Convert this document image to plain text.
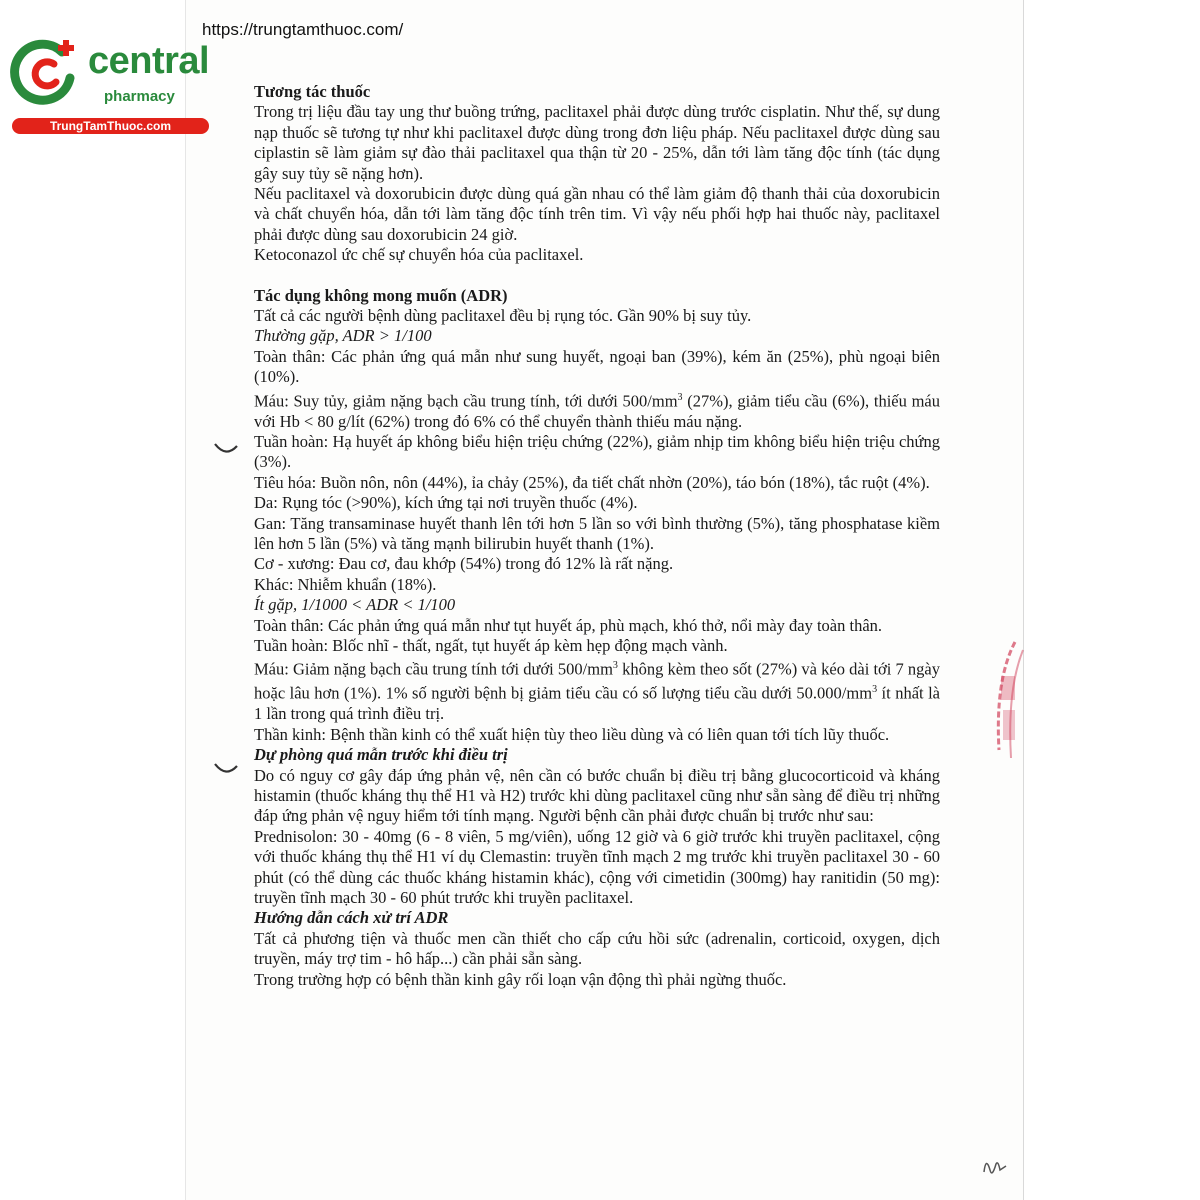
https://trungtamthuoc.com/
central
pharmacy
TrungTamThuoc.com

Tương tác thuốc

Trong trị liệu đầu tay ung thư buồng trứng, paclitaxel phải được dùng trước cisplatin. Như thế, sự dung nạp thuốc sẽ tương tự như khi paclitaxel được dùng trong đơn liệu pháp. Nếu paclitaxel được dùng sau ciplastin sẽ làm giảm sự đào thải paclitaxel qua thận từ 20 - 25%, dẫn tới làm tăng độc tính (tác dụng gây suy tủy sẽ nặng hơn).

Nếu paclitaxel và doxorubicin được dùng quá gần nhau có thể làm giảm độ thanh thải của doxorubicin và chất chuyển hóa, dẫn tới làm tăng độc tính trên tim. Vì vậy nếu phối hợp hai thuốc này, paclitaxel phải được dùng sau doxorubicin 24 giờ.

Ketoconazol ức chế sự chuyển hóa của paclitaxel.

Tác dụng không mong muốn (ADR)

Tất cả các người bệnh dùng paclitaxel đều bị rụng tóc. Gần 90% bị suy tủy.

Thường gặp, ADR > 1/100

Toàn thân: Các phản ứng quá mẫn như sung huyết, ngoại ban (39%), kém ăn (25%), phù ngoại biên (10%).

Máu: Suy tủy, giảm nặng bạch cầu trung tính, tới dưới $500/mm^3$ (27%), giảm tiểu cầu (6%), thiếu máu với Hb < 80 g/lít (62%) trong đó 6% có thể chuyển thành thiếu máu nặng.

Tuần hoàn: Hạ huyết áp không biểu hiện triệu chứng (22%), giảm nhịp tim không biểu hiện triệu chứng (3%).

Tiêu hóa: Buồn nôn, nôn (44%), ỉa chảy (25%), đa tiết chất nhờn (20%), táo bón (18%), tắc ruột (4%).

Da: Rụng tóc (>90%), kích ứng tại nơi truyền thuốc (4%).

Gan: Tăng transaminase huyết thanh lên tới hơn 5 lần so với bình thường (5%), tăng phosphatase kiềm lên hơn 5 lần (5%) và tăng mạnh bilirubin huyết thanh (1%).

Cơ - xương: Đau cơ, đau khớp (54%) trong đó 12% là rất nặng.

Khác: Nhiễm khuẩn (18%).

Ít gặp, 1/1000 < ADR < 1/100

Toàn thân: Các phản ứng quá mẫn như tụt huyết áp, phù mạch, khó thở, nổi mày đay toàn thân.

Tuần hoàn: Blốc nhĩ - thất, ngất, tụt huyết áp kèm hẹp động mạch vành.

Máu: Giảm nặng bạch cầu trung tính tới dưới $500/mm^3$ không kèm theo sốt (27%) và kéo dài tới 7 ngày hoặc lâu hơn (1%). 1% số người bệnh bị giảm tiểu cầu có số lượng tiểu cầu dưới $50.000/mm^3$ ít nhất là 1 lần trong quá trình điều trị.

Thần kinh: Bệnh thần kinh có thể xuất hiện tùy theo liều dùng và có liên quan tới tích lũy thuốc.

Dự phòng quá mẫn trước khi điều trị

Do có nguy cơ gây đáp ứng phản vệ, nên cần có bước chuẩn bị điều trị bằng glucocorticoid và kháng histamin (thuốc kháng thụ thể H1 và H2) trước khi dùng paclitaxel cũng như sẵn sàng để điều trị những đáp ứng phản vệ nguy hiểm tới tính mạng. Người bệnh cần phải được chuẩn bị trước như sau:

Prednisolon: 30 - 40mg (6 - 8 viên, 5 mg/viên), uống 12 giờ và 6 giờ trước khi truyền paclitaxel, cộng với thuốc kháng thụ thể H1 ví dụ Clemastin: truyền tĩnh mạch 2 mg trước khi truyền paclitaxel 30 - 60 phút (có thể dùng các thuốc kháng histamin khác), cộng với cimetidin (300mg) hay ranitidin (50 mg): truyền tĩnh mạch 30 - 60 phút trước khi truyền paclitaxel.

Hướng dẫn cách xử trí ADR

Tất cả phương tiện và thuốc men cần thiết cho cấp cứu hồi sức (adrenalin, corticoid, oxygen, dịch truyền, máy trợ tim - hô hấp...) cần phải sẵn sàng.

Trong trường hợp có bệnh thần kinh gây rối loạn vận động thì phải ngừng thuốc.
